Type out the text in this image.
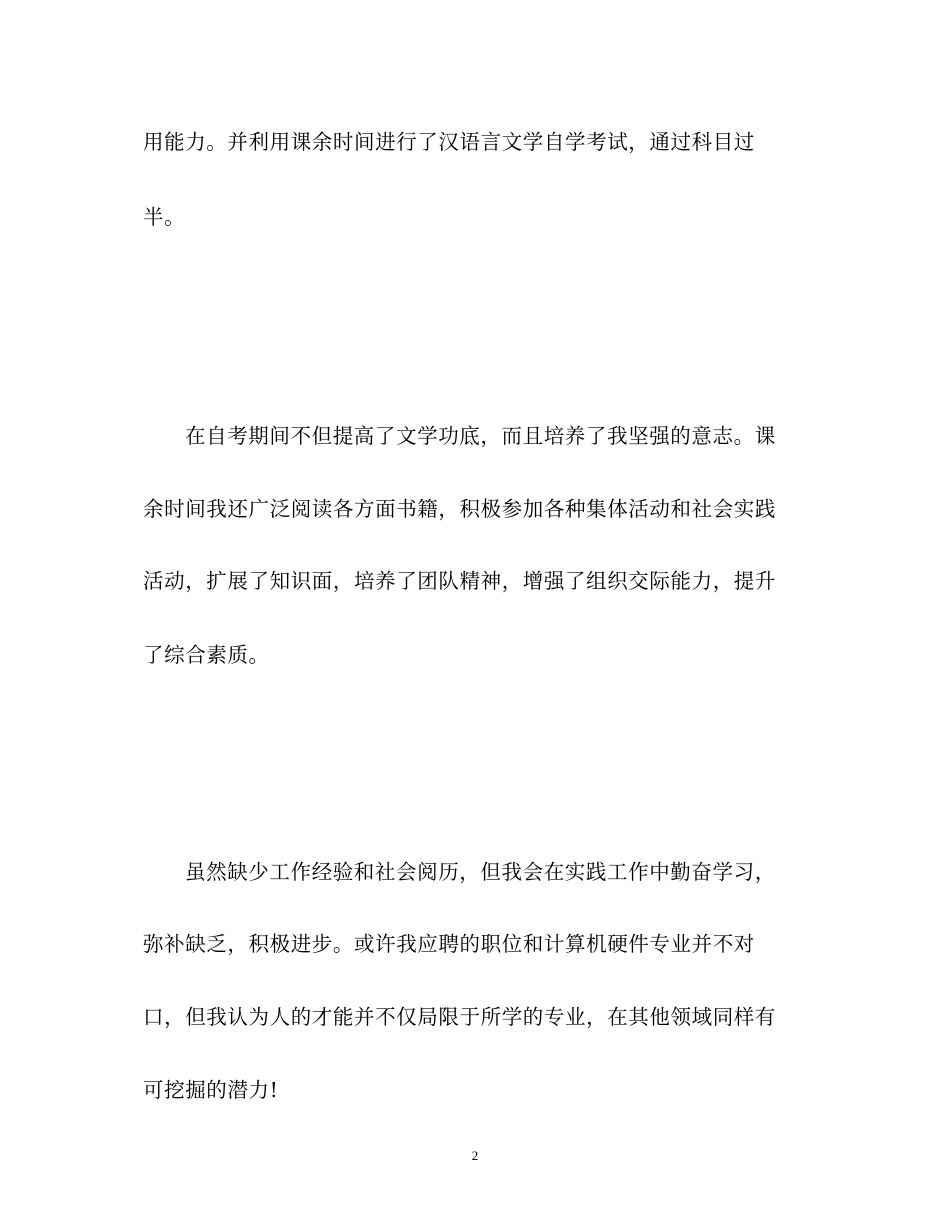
用能力。并利用课余时间进行了汉语言文学自学考试，通过科目过
半。
在自考期间不但提高了文学功底，而且培养了我坚强的意志。课
余时间我还广泛阅读各方面书籍，积极参加各种集体活动和社会实践
活动，扩展了知识面，培养了团队精神，增强了组织交际能力，提升
了综合素质。
虽然缺少工作经验和社会阅历，但我会在实践工作中勤奋学习，
弥补缺乏，积极进步。或许我应聘的职位和计算机硬件专业并不对
口，但我认为人的才能并不仅局限于所学的专业，在其他领域同样有
可挖掘的潜力!
2
